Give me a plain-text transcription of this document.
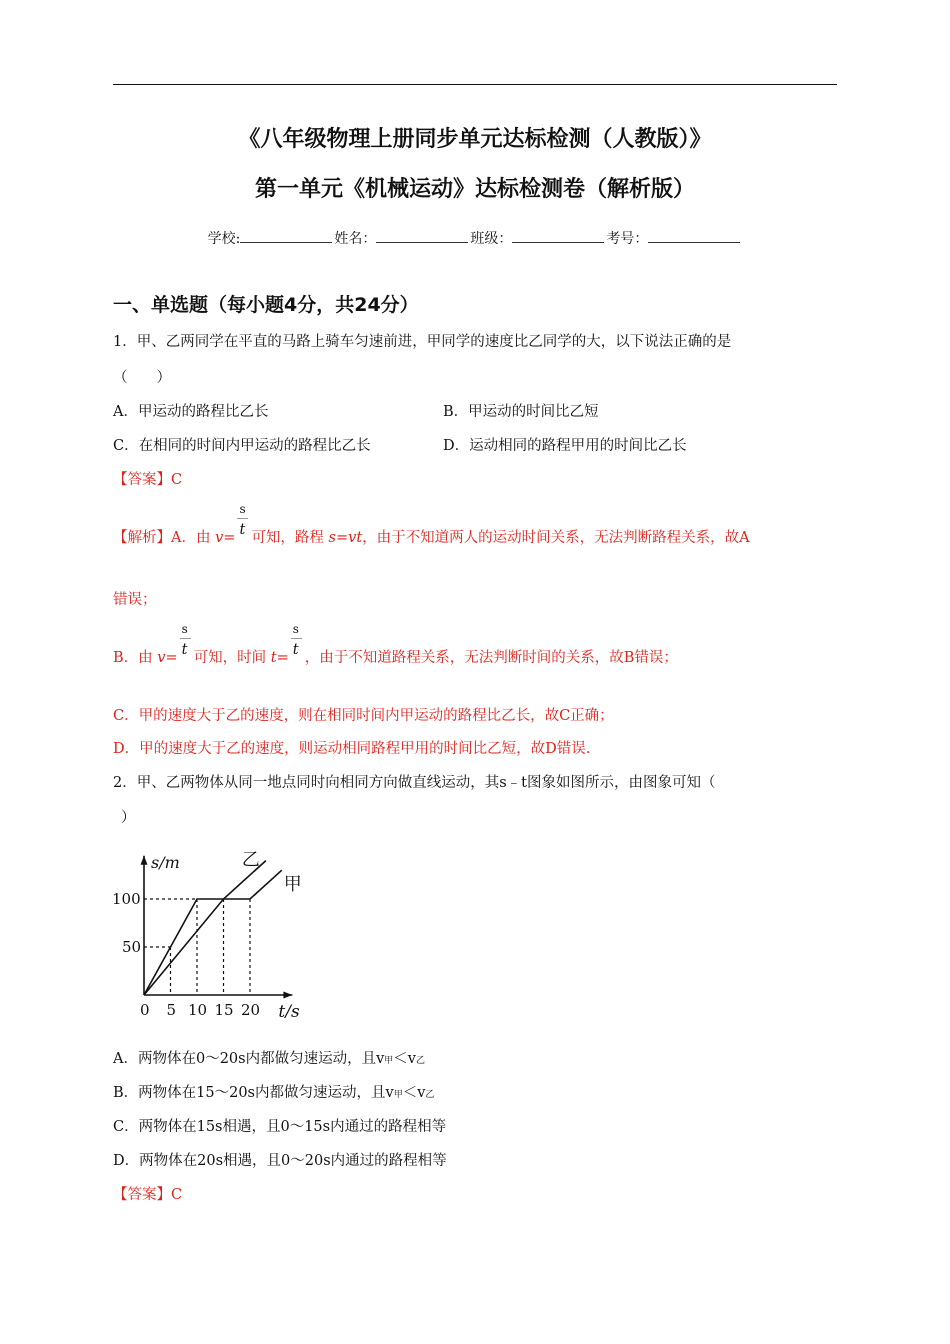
《八年级物理上册同步单元达标检测（人教版）》
第一单元《机械运动》达标检测卷（解析版）
学校:	姓名：	班级：	考号：
一、单选题（每小题4分，共24分）
1．甲、乙两同学在平直的马路上骑车匀速前进，甲同学的速度比乙同学的大，以下说法正确的是
（　　）
A．甲运动的路程比乙长	B．甲运动的时间比乙短
C．在相同的时间内甲运动的路程比乙长	D．运动相同的路程甲用的时间比乙长
【答案】C
【解析】A．由 $v= \frac{s}{t}$ 可知，路程 s=vt，由于不知道两人的运动时间关系，无法判断路程关系，故A
错误；
B．由 $v= \frac{s}{t}$ 可知，时间 $t= \frac{s}{t}$ ，由于不知道路程关系，无法判断时间的关系，故B错误；
C．甲的速度大于乙的速度，则在相同时间内甲运动的路程比乙长，故C正确；
D．甲的速度大于乙的速度，则运动相同路程甲用的时间比乙短，故D错误.
2．甲、乙两物体从同一地点同时向相同方向做直线运动，其s﹣t图象如图所示，由图象可知（
）
乙
甲
0 5 10 15 20
50
100
s/m
t/s
A．两物体在0～20s内都做匀速运动，且v甲＜v乙
B．两物体在15～20s内都做匀速运动，且v甲＜v乙
C．两物体在15s相遇，且0～15s内通过的路程相等
D．两物体在20s相遇，且0～20s内通过的路程相等
【答案】C
